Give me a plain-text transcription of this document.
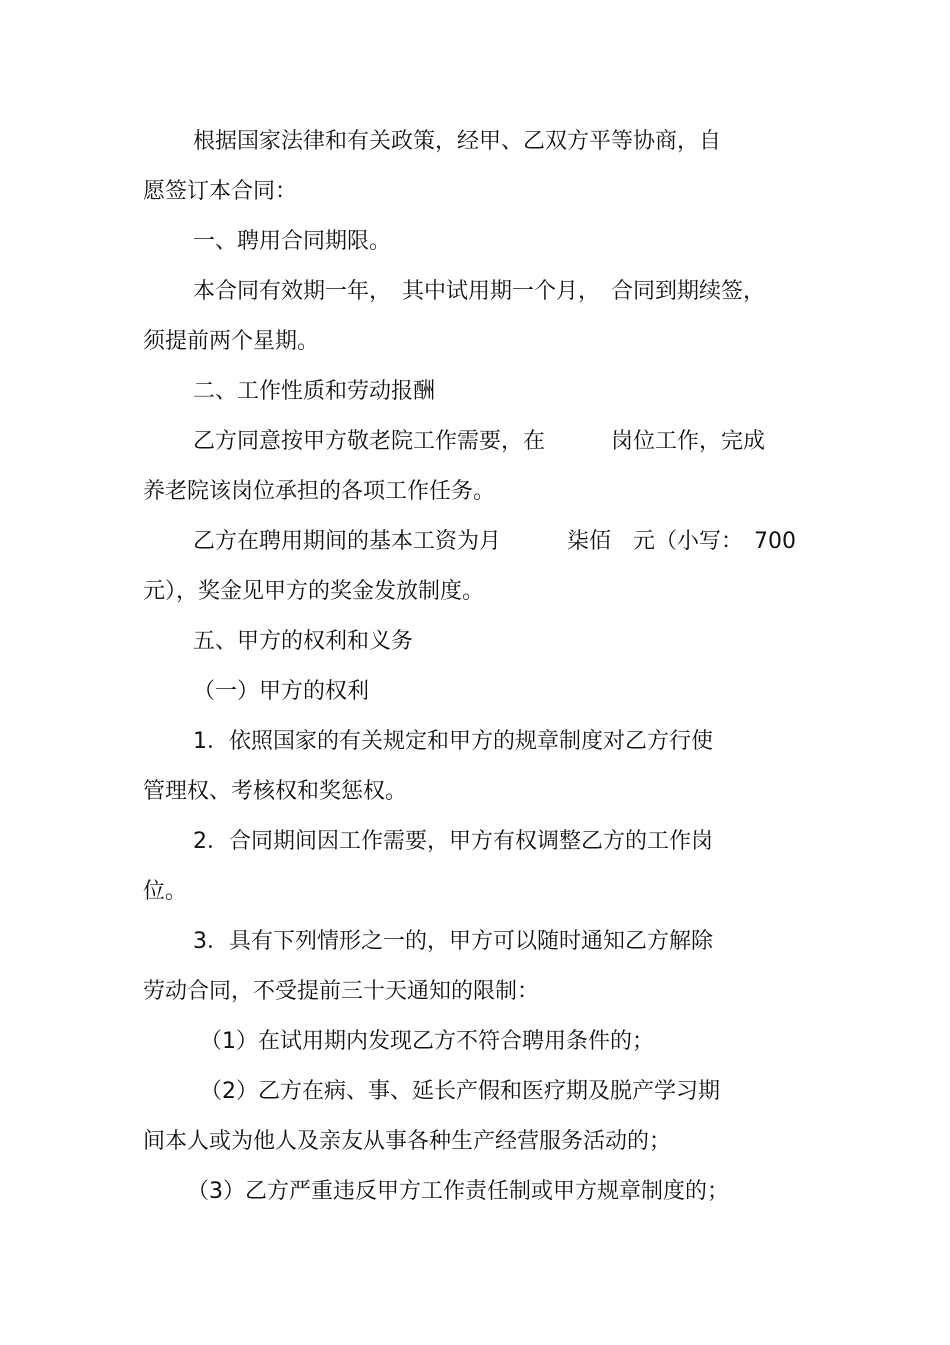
根据国家法律和有关政策，经甲、乙双方平等协商，自
愿签订本合同：
一、聘用合同期限。
本合同有效期一年，　其中试用期一个月，　合同到期续签，
须提前两个星期。
二、工作性质和劳动报酬
乙方同意按甲方敬老院工作需要，在　　　岗位工作，完成
养老院该岗位承担的各项工作任务。
乙方在聘用期间的基本工资为月　　　柒佰　元（小写：　700
元），奖金见甲方的奖金发放制度。
五、甲方的权利和义务
（一）甲方的权利
1．依照国家的有关规定和甲方的规章制度对乙方行使
管理权、考核权和奖惩权。
2．合同期间因工作需要，甲方有权调整乙方的工作岗
位。
3．具有下列情形之一的，甲方可以随时通知乙方解除
劳动合同，不受提前三十天通知的限制：
（1）在试用期内发现乙方不符合聘用条件的；
（2）乙方在病、事、延长产假和医疗期及脱产学习期
间本人或为他人及亲友从事各种生产经营服务活动的；
（3）乙方严重违反甲方工作责任制或甲方规章制度的；
